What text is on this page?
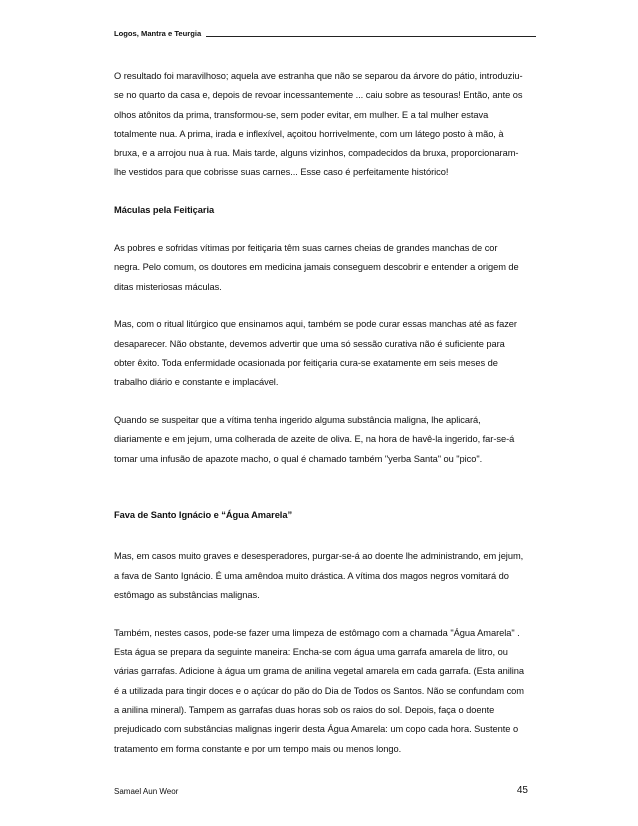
Logos, Mantra e Teurgia

O resultado foi maravilhoso; aquela ave estranha que não se separou da árvore do pátio, introduziu-se no quarto da casa e, depois de revoar incessantemente ... caiu sobre as tesouras! Então, ante os olhos atônitos da prima, transformou-se, sem poder evitar, em mulher. E a tal mulher estava totalmente nua. A prima, irada e inflexível, açoitou horrivelmente, com um látego posto à mão, à bruxa, e a arrojou nua à rua. Mais tarde, alguns vizinhos, compadecidos da bruxa, proporcionaram-lhe vestidos para que cobrisse suas carnes... Esse caso é perfeitamente histórico!

Máculas pela Feitiçaria

As pobres e sofridas vítimas por feitiçaria têm suas carnes cheias de grandes manchas de cor negra. Pelo comum, os doutores em medicina jamais conseguem descobrir e entender a origem de ditas misteriosas máculas.

Mas, com o ritual litúrgico que ensinamos aqui, também se pode curar essas manchas até as fazer desaparecer. Não obstante, devemos advertir que uma só sessão curativa não é suficiente para obter êxito. Toda enfermidade ocasionada por feitiçaria cura-se exatamente em seis meses de trabalho diário e constante e implacável.

Quando se suspeitar que a vítima tenha ingerido alguma substância maligna, lhe aplicará, diariamente e em jejum, uma colherada de azeite de oliva. E, na hora de havê-la ingerido, far-se-á tomar uma infusão de apazote macho, o qual é chamado também "yerba Santa" ou "pico".

Fava de Santo Ignácio e “Água Amarela”

Mas, em casos muito graves e desesperadores, purgar-se-á ao doente lhe administrando, em jejum, a fava de Santo Ignácio. É uma amêndoa muito drástica. A vítima dos magos negros vomitará do estômago as substâncias malignas.

Também, nestes casos, pode-se fazer uma limpeza de estômago com a chamada "Água Amarela" . Esta água se prepara da seguinte maneira: Encha-se com água uma garrafa amarela de litro, ou várias garrafas. Adicione à água um grama de anilina vegetal amarela em cada garrafa. (Esta anilina é a utilizada para tingir doces e o açúcar do pão do Dia de Todos os Santos. Não se confundam com a anilina mineral). Tampem as garrafas duas horas sob os raios do sol. Depois, faça o doente prejudicado com substâncias malignas ingerir desta Água Amarela: um copo cada hora. Sustente o tratamento em forma constante e por um tempo mais ou menos longo.

Samael Aun Weor	45
